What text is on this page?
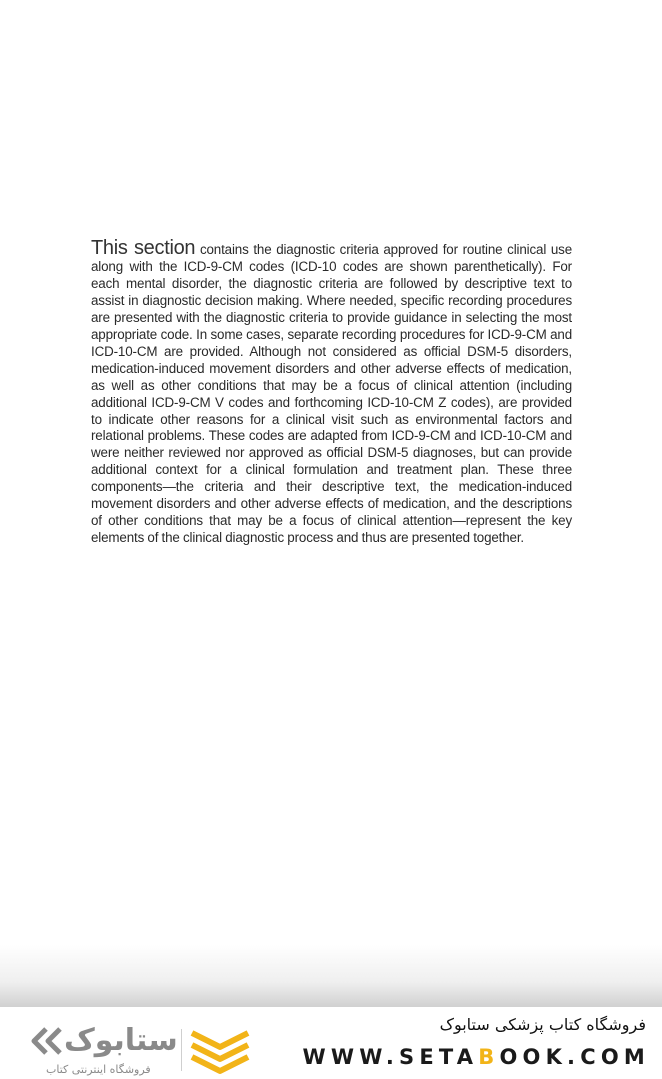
This section contains the diagnostic criteria approved for routine clinical use along with the ICD-9-CM codes (ICD-10 codes are shown parenthetically). For each mental disorder, the diagnostic criteria are followed by descriptive text to assist in diagnostic decision making. Where needed, specific recording procedures are presented with the diagnostic criteria to provide guidance in selecting the most appropriate code. In some cases, separate recording procedures for ICD-9-CM and ICD-10-CM are provided. Although not considered as official DSM-5 disorders, medication-induced movement disorders and other adverse effects of medication, as well as other conditions that may be a focus of clinical attention (including additional ICD-9-CM V codes and forthcoming ICD-10-CM Z codes), are provided to indicate other reasons for a clinical visit such as environmental factors and relational problems. These codes are adapted from ICD-9-CM and ICD-10-CM and were neither reviewed nor approved as official DSM-5 diagnoses, but can provide additional context for a clinical formulation and treatment plan. These three components—the criteria and their descriptive text, the medication-induced movement disorders and other adverse effects of medication, and the descriptions of other conditions that may be a focus of clinical attention—represent the key elements of the clinical diagnostic process and thus are presented together.
ستابوک
فروشگاه اینترنتی کتاب
فروشگاه کتاب پزشکی ستابوک
WWW.SETABOOK.COM
